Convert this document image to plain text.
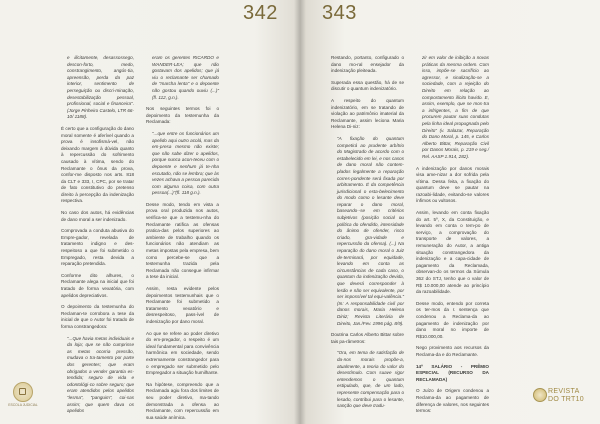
342

e ilicitamente, desassossego, descon-forto, medo, constrangimento, angús-tia, apreensão, perda da paz interior, sentimento de perseguição ou discri-minação, desestabilização pessoal, profissional, social e financeira". (Jorge Pinheiro Castelo, LTR 66-10/ 1188).

É certo que a configuração do dano moral somente é aferível quando a prova é insofismá-vel, não deixando margem à dúvida quanto à repercussão do sofrimento causado à vítima, sendo do Reclamante o ônus da prova, confor-me disposto nos arts. 818 da CLT e 333, I, CPC, por se tratar de fato constitutivo do pretenso direito à percepção da indenização respectiva.

No caso dos autos, há evidências de dano moral a ser indenizado.

Comprovada a conduta abusiva do Empre-gador, revelada de tratamento indigno e des-respeitoso a que foi submetido o Empregado, resta devida a reparação pretendida.

Conforme dito alhures, o Reclamante alega na inicial que foi tratado de forma vexatória, com apelidos depreciativos.

O depoimento da testemunha do Reclaman-te corrobora a tese da inicial de que o Autor foi tratado de forma constrangedora:

"...Que havia metas individuais e da loja; que se não cumprisse as metas ocorria pressão, mudava o tra-tamento por parte dos gerentes; que eram obrigados a vender garantia es-tendida; seguro de vida e odontológi-co sobre seguro; que eram atendidos pelos apelidos "lesma", "panguim", coi-sas assim; que quem dava os apelidos

eram os gerentes RICARDO e WANDER-LEA; que não gostavam dos apelidos; que já viu o reclamante ser chamado de "marcha lenta" e o depoente não gostou quando ouviu (...)" (fl. 112, g.n.).

Nos seguintes termos foi o depoimento da testemunha da Reclamada:

"...que entre os funcionários um apelido aqui outro acolá, mas da em-presa mesmo não existe; que não sabe dizer o apelidos, porque nunca acon-teceu com o depoente e nenhum já te-nha escutado, não se lembra; que às vezes achava a pessoa parecida com alguma coisa, com outra pessoa(...)"(fl. 118 g.n.).

Desse modo, tendo em vista a prova oral produzida nos autos, verifica-se que a testemu-nha do Reclamante ratifica as ofensas pratica-das pelos superiores ao ambiente de trabalho quando os funcionários não atendiam as metas impostas pela empresa, bem como percebe-se que a testemunha trazida pela Reclamada não consegue infirmar a tese da inicial.

Assim, resta evidente pelos depoimentos testemunhais que o Reclamante foi submetido a tratamento vexatório e desrespeitoso, pass-ível de indenização por dano moral.

Ao que se refere ao poder diretivo do em-pregador, o respeito é um ideal fundamental para convivência harmônica em sociedade, sendo extremamente constrangedor para o empregado ser submetido pelo Empregador a situação humilhante.

Na hipótese, compreendo que a Reclamada agiu fora dos limites de seu poder diretivo, ma-tando demonstrada a ofensa ao Reclamante, com repercussão em sua saúde anímica.

ESCOLA JUDICIAL
343

Restando, portanto, configurado o dano mo-ral ensejador da indenização pleiteada.

Superada essa questão, há de se discutir o quantum indenizatório.

A respeito do quantum indenizatório, em se tratando de violação ao patrimônio imaterial da Reclamante, assim leciona Maria Helena Di-niz:

"A fixação do quantum competirá ao prudente arbítrio do Magistrado de acordo com o estabelecido em lei, e nos casos de dano moral não contem-plados legalmente a reparação corres-pondente será fixada por arbitramento. É da competência jurisdicional o esta-belecimento do modo como o lesante deve reparar o dano moral, baseando--se em critérios subjetivos (posição social ou política do ofendido, intensidade do ânimo de ofender, risco criado, gra-vidade e repercussão da ofensa). (...) Na reparação do dano moral o Juiz de-terminará, por equidade, levando em conta as circunstâncias de cada caso, o quantum da indenização devida, que deverá corresponder à lesão e não ser equivalente, por ser impossível tal equi-valência." (In: A responsabilidade civil por danos morais, Maria Helena Diniz; Revista Literária de Direito, Jan./Fev. 1996 pág. 8/9).

Doutrina Carlos Alberto Bittar sobre tais pa-râmetros:

"Ora, em tema de satisfação de da-nos morais propõe-a, atualmente, a teoria do valor do desestímulo. Com suave rigor entendemos o quantum estipulado, que, de um lado, represente compensação para o lesado, contribui para o lesante, sanção que deve tradu-

zir em valor de inibição a novas práticas da mesma ordem. Com isso, impõe-se sacrifício ao agressor, e sinalização-se a sociedade, com a rejeição do Direito em relação ao comportamento ilícito havido. E, assim, exemplo, que se mos-tra a infrigentes, a fim de que procurem pautar suas condutas pela linha ideal propugnada pelo Direito" (v. Salazar, Reparação do Dano Moral, p. 145, e Carlos Alberto Bittar, Reparação Civil por Danos Morais, p. 219 e seg./ Rel. AASP 1.914, 282).

A indenização por danos morais visa ame-nizar a dor sofrida pela vítima. Dessa feita, a fixação do quantum deve se pautar na razoabi-lidade, evitando-se valores ínfimos ou vultosos.

Assim, levando em conta fixação do art. 5º, X, da Constituição, e levando em conta o tem-po de serviço, a comprovação do transporte de valores, a remuneração do Autor, a antiga situação constrangedora da indenização e a capa-cidade de pagamento da Reclamada, observan-do os termos da Súmula 362 do STJ, tenho que o valor de R$ 10.000,00 atende ao princípio da razoabilidade.

Desse modo, entendo por correta os ter-mos da r. sentença que condenou a Reclama-da ao pagamento de indenização por dano moral no importe de R$10.000,00.

Nego provimento aos recursos da Reclama-da e do Reclamante.

14º SALÁRIO - PRÊMIO ESPECIAL (RECURSO DA RECLAMADA)

O Juízo de Origem condenou a Reclama-da ao pagamento de diferença de valores, nos seguintes termos:

REVISTA
DO TRT10
